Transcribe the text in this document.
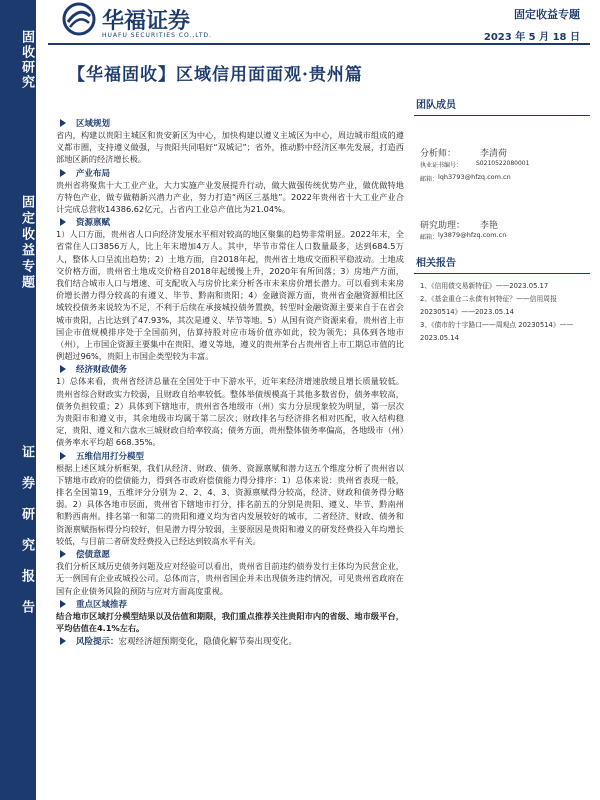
固收研究
固定收益专题
证券研究报告
华福证券
HUAFU SECURITIES CO.,LTD.
固定收益专题
2023 年 5 月 18 日
【华福固收】区域信用面面观·贵州篇
区域规划
省内，构建以贵阳主城区和贵安新区为中心，加快构建以遵义主城区为中心，周边城市组成的遵义都市圈，支持遵义做强，与贵阳共同唱好“双城记”；省外，推动黔中经济区率先发展，打造西部地区新的经济增长极。
产业布局
贵州省将聚焦十大工业产业，大力实施产业发展提升行动，做大做强传统优势产业，做优做特地方特色产业，做专做精新兴潜力产业，努力打造“两区三基地”。2022年贵州省十大工业产业合计完成总营收14386.62亿元，占省内工业总产值比为21.04%。
资源禀赋
1）人口方面，贵州省人口向经济发展水平相对较高的地区聚集的趋势非常明显。2022年末，全省常住人口3856万人，比上年末增加4万人。其中，毕节市常住人口数量最多，达到684.5万人，整体人口呈流出趋势；2）土地方面，自2018年起，贵州省土地成交面积平稳波动。土地成交价格方面，贵州省土地成交价格自2018年起缓慢上升，2020年有所回落；3）房地产方面，我们结合城市人口与增速、可支配收入与房价比来分析各市未来房价增长潜力。可以看到未来房价增长潜力得分较高的有遵义、毕节、黔南和贵阳；4）金融资源方面，贵州省金融资源相比区域较投债务来说较为不足，不利于后续在承接城投债务置换，转型时金融资源主要来自于在省会城市贵阳，占比达到了47.93%，其次是遵义、毕节等地。5）从国有资产资源来看，贵州省上市国企市值规模排序处于全国前列，估算持股对应市场价值亦如此，较为领先；具体到各地市（州），上市国企资源主要集中在贵阳、遵义等地，遵义的贵州茅台占贵州省上市工期总市值的比例超过96%，贵阳上市国企类型较为丰富。
经济财政债务
1）总体来看，贵州省经济总量在全国处于中下游水平，近年来经济增速放缓且增长质量较低。贵州省综合财政实力较弱，且财政自给率较低。整体举债规模高于其他多数省份，债务率较高，债务负担较重；2）具体到下辖地市，贵州省各地级市（州）实力分层现象较为明显，第一层次为贵阳市和遵义市，其余地级市均属于第二层次；财政排名与经济排名相对匹配，收入结构稳定，贵阳、遵义和六盘水三城财政自给率较高；债务方面，贵州整体债务率偏高，各地级市（州）债务率水平均超 668.35%。
五维信用打分模型
根据上述区域分析框架，我们从经济、财政、债务、资源禀赋和潜力这五个维度分析了贵州省以下辖地市政府的偿债能力，得到各市政府偿债能力得分排序：1）总体来说：贵州省表现一般，排名全国第19，五维评分分别为 2、2、4、3、资源禀赋得分较高，经济、财政和债务得分略弱。2）具体各地市层面，贵州省下辖地市打分，排名前五的分别是贵阳、遵义、毕节、黔南州和黔西南州。排名第一和第二的贵阳和遵义均为省内发展较好的城市，二者经济、财政、债务和资源禀赋指标得分均较好，但是潜力得分较弱，主要原因是贵阳和遵义的研发经费投入年均增长较低，与目前二者研发经费投入已经达到较高水平有关。
偿债意愿
我们分析区域历史债务问题及应对经验可以看出，贵州省目前违约债券发行主体均为民营企业，无一例国有企业或城投公司。总体而言，贵州省国企并未出现债务违约情况，可见贵州省政府在国有企业债务风险的预防与应对方面高度重视。
重点区域推荐
结合地市区域打分模型结果以及估值和期限，我们重点推荐关注贵阳市内的省级、地市级平台，平均估值在4.1%左右。
风险提示： 宏观经济超预期变化，隐債化解节奏出现变化。
团队成员
分析师：	李清荷
执业证书编号： S0210522080001
邮箱： lqh3793@hfzq.com.cn
研究助理： 李艳
邮箱： ly3879@hfzq.com.cn
相关报告
1、《信用债交易新特征》——2023.05.17
2、《基金重仓二永债有何特征？——信用周报 20230514》——2023.05.14
3、《债市的十字路口——周观点 20230514》——2023.05.14
